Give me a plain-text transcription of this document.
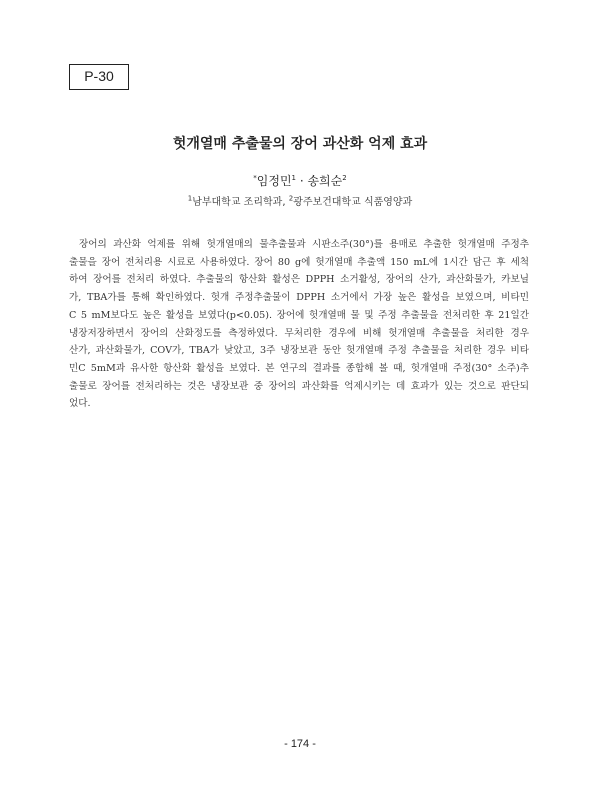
P-30
헛개열매 추출물의 장어 과산화 억제 효과
*임정민$^1$ · 송희순$^2$
$^1$남부대학교 조리학과, $^2$광주보건대학교 식품영양과
장어의 과산화 억제를 위해 헛개열매의 물추출물과 시판소주(30°)를 용매로 추출한 헛개열매 주정추
출물을 장어 전처리용 시료로 사용하였다. 장어 80 g에 헛개열매 추출액 150 mL에 1시간 담근 후 세척
하여 장어를 전처리 하였다. 추출물의 항산화 활성은 DPPH 소거활성, 장어의 산가, 과산화물가, 카보닐
가, TBA가를 통해 확인하였다. 헛개 주정추출물이 DPPH 소거에서 가장 높은 활성을 보였으며, 비타민
C 5 mM보다도 높은 활성을 보였다(p<0.05). 장어에 헛개열매 물 및 주정 추출물을 전처리한 후 21일간
냉장저장하면서 장어의 산화정도를 측정하였다. 무처리한 경우에 비해 헛개열매 추출물을 처리한 경우
산가, 과산화물가, COV가, TBA가 낮았고, 3주 냉장보관 동안 헛개열매 주정 추출물을 처리한 경우 비타
민C 5mM과 유사한 항산화 활성을 보였다. 본 연구의 결과를 종합해 볼 때, 헛개열매 주정(30° 소주)추
출물로 장어를 전처리하는 것은 냉장보관 중 장어의 과산화를 억제시키는 데 효과가 있는 것으로 판단되
었다.
- 174 -
